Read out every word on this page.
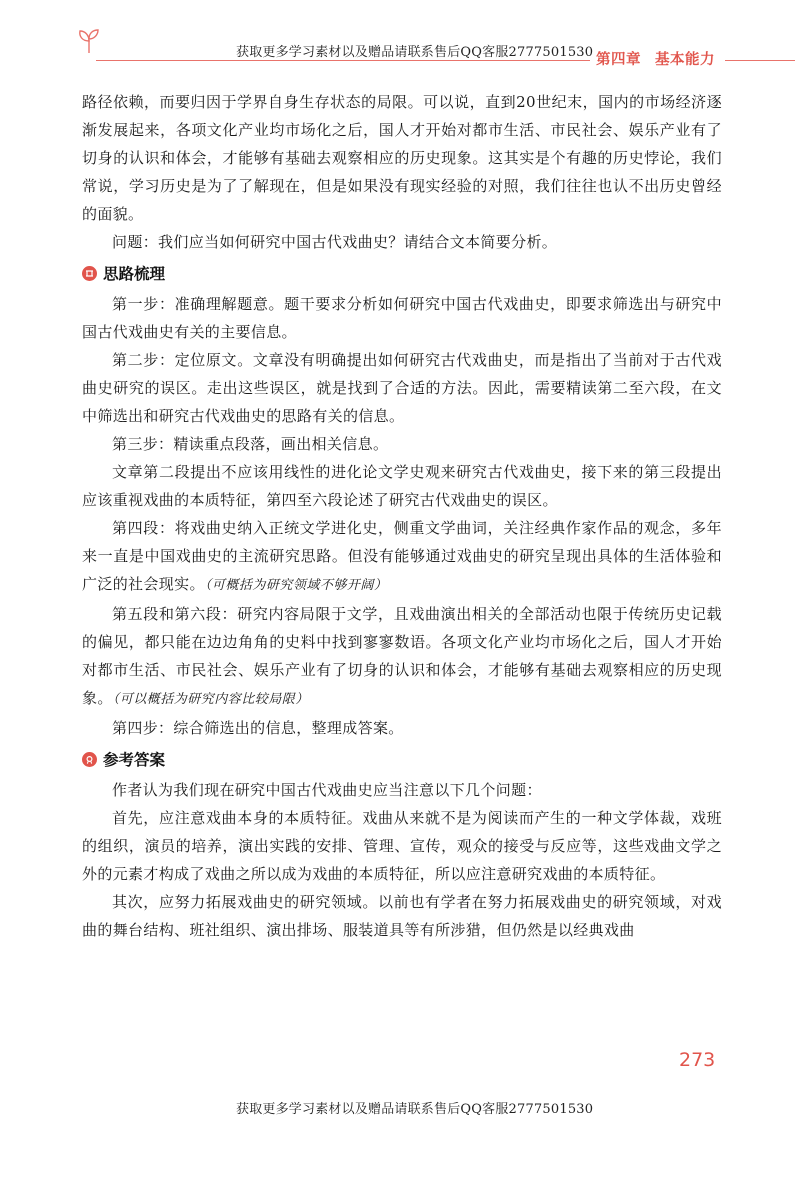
获取更多学习素材以及赠品请联系售后QQ客服2777501530 第四章 基本能力

路径依赖，而要归因于学界自身生存状态的局限。可以说，直到20世纪末，国内的市场经济逐渐发展起来，各项文化产业均市场化之后，国人才开始对都市生活、市民社会、娱乐产业有了切身的认识和体会，才能够有基础去观察相应的历史现象。这其实是个有趣的历史悖论，我们常说，学习历史是为了了解现在，但是如果没有现实经验的对照，我们往往也认不出历史曾经的面貌。

问题：我们应当如何研究中国古代戏曲史？请结合文本简要分析。

思路梳理

第一步：准确理解题意。题干要求分析如何研究中国古代戏曲史，即要求筛选出与研究中国古代戏曲史有关的主要信息。

第二步：定位原文。文章没有明确提出如何研究古代戏曲史，而是指出了当前对于古代戏曲史研究的误区。走出这些误区，就是找到了合适的方法。因此，需要精读第二至六段，在文中筛选出和研究古代戏曲史的思路有关的信息。

第三步：精读重点段落，画出相关信息。

文章第二段提出不应该用线性的进化论文学史观来研究古代戏曲史，接下来的第三段提出应该重视戏曲的本质特征，第四至六段论述了研究古代戏曲史的误区。

第四段：将戏曲史纳入正统文学进化史，侧重文学曲词，关注经典作家作品的观念，多年来一直是中国戏曲史的主流研究思路。但没有能够通过戏曲史的研究呈现出具体的生活体验和广泛的社会现实。（可概括为研究领域不够开阔）

第五段和第六段：研究内容局限于文学，且戏曲演出相关的全部活动也限于传统历史记载的偏见，都只能在边边角角的史料中找到寥寥数语。各项文化产业均市场化之后，国人才开始对都市生活、市民社会、娱乐产业有了切身的认识和体会，才能够有基础去观察相应的历史现象。（可以概括为研究内容比较局限）

第四步：综合筛选出的信息，整理成答案。

参考答案

作者认为我们现在研究中国古代戏曲史应当注意以下几个问题：

首先，应注意戏曲本身的本质特征。戏曲从来就不是为阅读而产生的一种文学体裁，戏班的组织，演员的培养，演出实践的安排、管理、宣传，观众的接受与反应等，这些戏曲文学之外的元素才构成了戏曲之所以成为戏曲的本质特征，所以应注意研究戏曲的本质特征。

其次，应努力拓展戏曲史的研究领域。以前也有学者在努力拓展戏曲史的研究领域，对戏曲的舞台结构、班社组织、演出排场、服装道具等有所涉猎，但仍然是以经典戏曲

273
获取更多学习素材以及赠品请联系售后QQ客服2777501530
